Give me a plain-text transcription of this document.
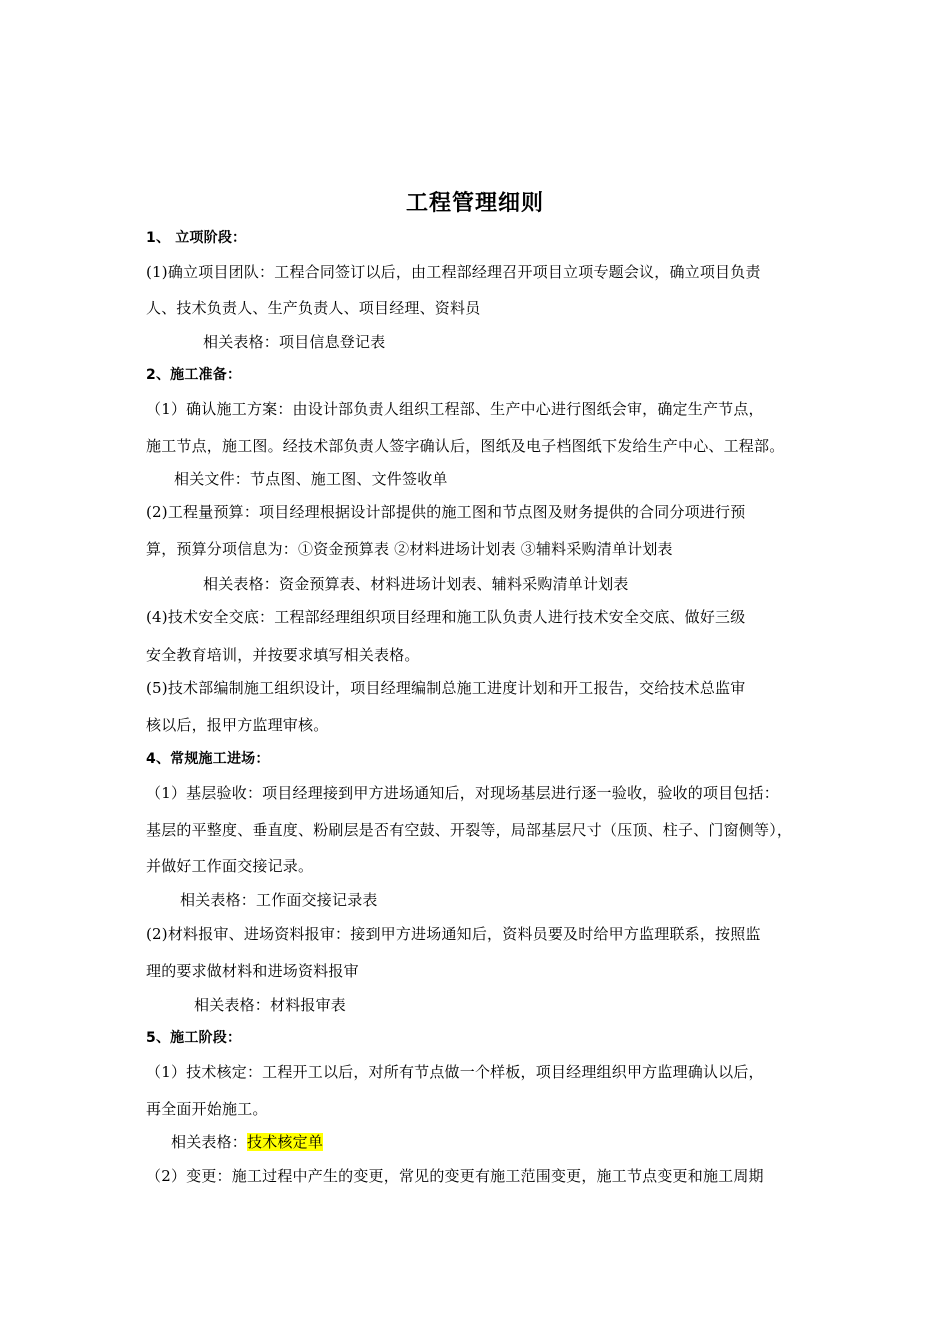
工程管理细则
1、 立项阶段：
(1)确立项目团队：工程合同签订以后，由工程部经理召开项目立项专题会议，确立项目负责
人、技术负责人、生产负责人、项目经理、资料员
相关表格：项目信息登记表
2、施工准备：
（1）确认施工方案：由设计部负责人组织工程部、生产中心进行图纸会审，确定生产节点，
施工节点，施工图。经技术部负责人签字确认后，图纸及电子档图纸下发给生产中心、工程部。
相关文件：节点图、施工图、文件签收单
(2)工程量预算：项目经理根据设计部提供的施工图和节点图及财务提供的合同分项进行预
算，预算分项信息为：①资金预算表 ②材料进场计划表 ③辅料采购清单计划表
相关表格：资金预算表、材料进场计划表、辅料采购清单计划表
(4)技术安全交底：工程部经理组织项目经理和施工队负责人进行技术安全交底、做好三级
安全教育培训，并按要求填写相关表格。
(5)技术部编制施工组织设计，项目经理编制总施工进度计划和开工报告，交给技术总监审
核以后，报甲方监理审核。
4、常规施工进场：
（1）基层验收：项目经理接到甲方进场通知后，对现场基层进行逐一验收，验收的项目包括：
基层的平整度、垂直度、粉刷层是否有空鼓、开裂等，局部基层尺寸（压顶、柱子、门窗侧等），
并做好工作面交接记录。
相关表格：工作面交接记录表
(2)材料报审、进场资料报审：接到甲方进场通知后，资料员要及时给甲方监理联系，按照监
理的要求做材料和进场资料报审
相关表格：材料报审表
5、施工阶段：
（1）技术核定：工程开工以后，对所有节点做一个样板，项目经理组织甲方监理确认以后，
再全面开始施工。
相关表格：技术核定单
（2）变更：施工过程中产生的变更，常见的变更有施工范围变更，施工节点变更和施工周期
